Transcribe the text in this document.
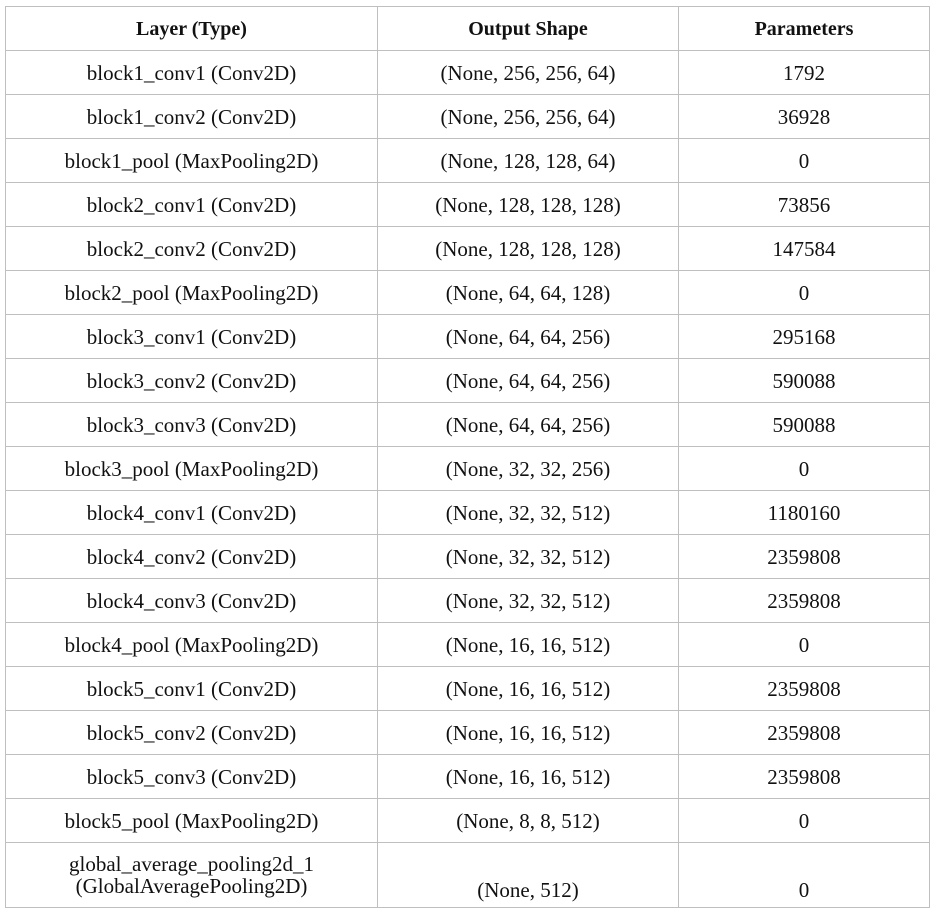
Layer (Type)	Output Shape	Parameters
block1_conv1 (Conv2D)	(None, 256, 256, 64)	1792
block1_conv2 (Conv2D)	(None, 256, 256, 64)	36928
block1_pool (MaxPooling2D)	(None, 128, 128, 64)	0
block2_conv1 (Conv2D)	(None, 128, 128, 128)	73856
block2_conv2 (Conv2D)	(None, 128, 128, 128)	147584
block2_pool (MaxPooling2D)	(None, 64, 64, 128)	0
block3_conv1 (Conv2D)	(None, 64, 64, 256)	295168
block3_conv2 (Conv2D)	(None, 64, 64, 256)	590088
block3_conv3 (Conv2D)	(None, 64, 64, 256)	590088
block3_pool (MaxPooling2D)	(None, 32, 32, 256)	0
block4_conv1 (Conv2D)	(None, 32, 32, 512)	1180160
block4_conv2 (Conv2D)	(None, 32, 32, 512)	2359808
block4_conv3 (Conv2D)	(None, 32, 32, 512)	2359808
block4_pool (MaxPooling2D)	(None, 16, 16, 512)	0
block5_conv1 (Conv2D)	(None, 16, 16, 512)	2359808
block5_conv2 (Conv2D)	(None, 16, 16, 512)	2359808
block5_conv3 (Conv2D)	(None, 16, 16, 512)	2359808
block5_pool (MaxPooling2D)	(None, 8, 8, 512)	0

global_average_pooling2d_1
(GlobalAveragePooling2D)	(None, 512)	0
